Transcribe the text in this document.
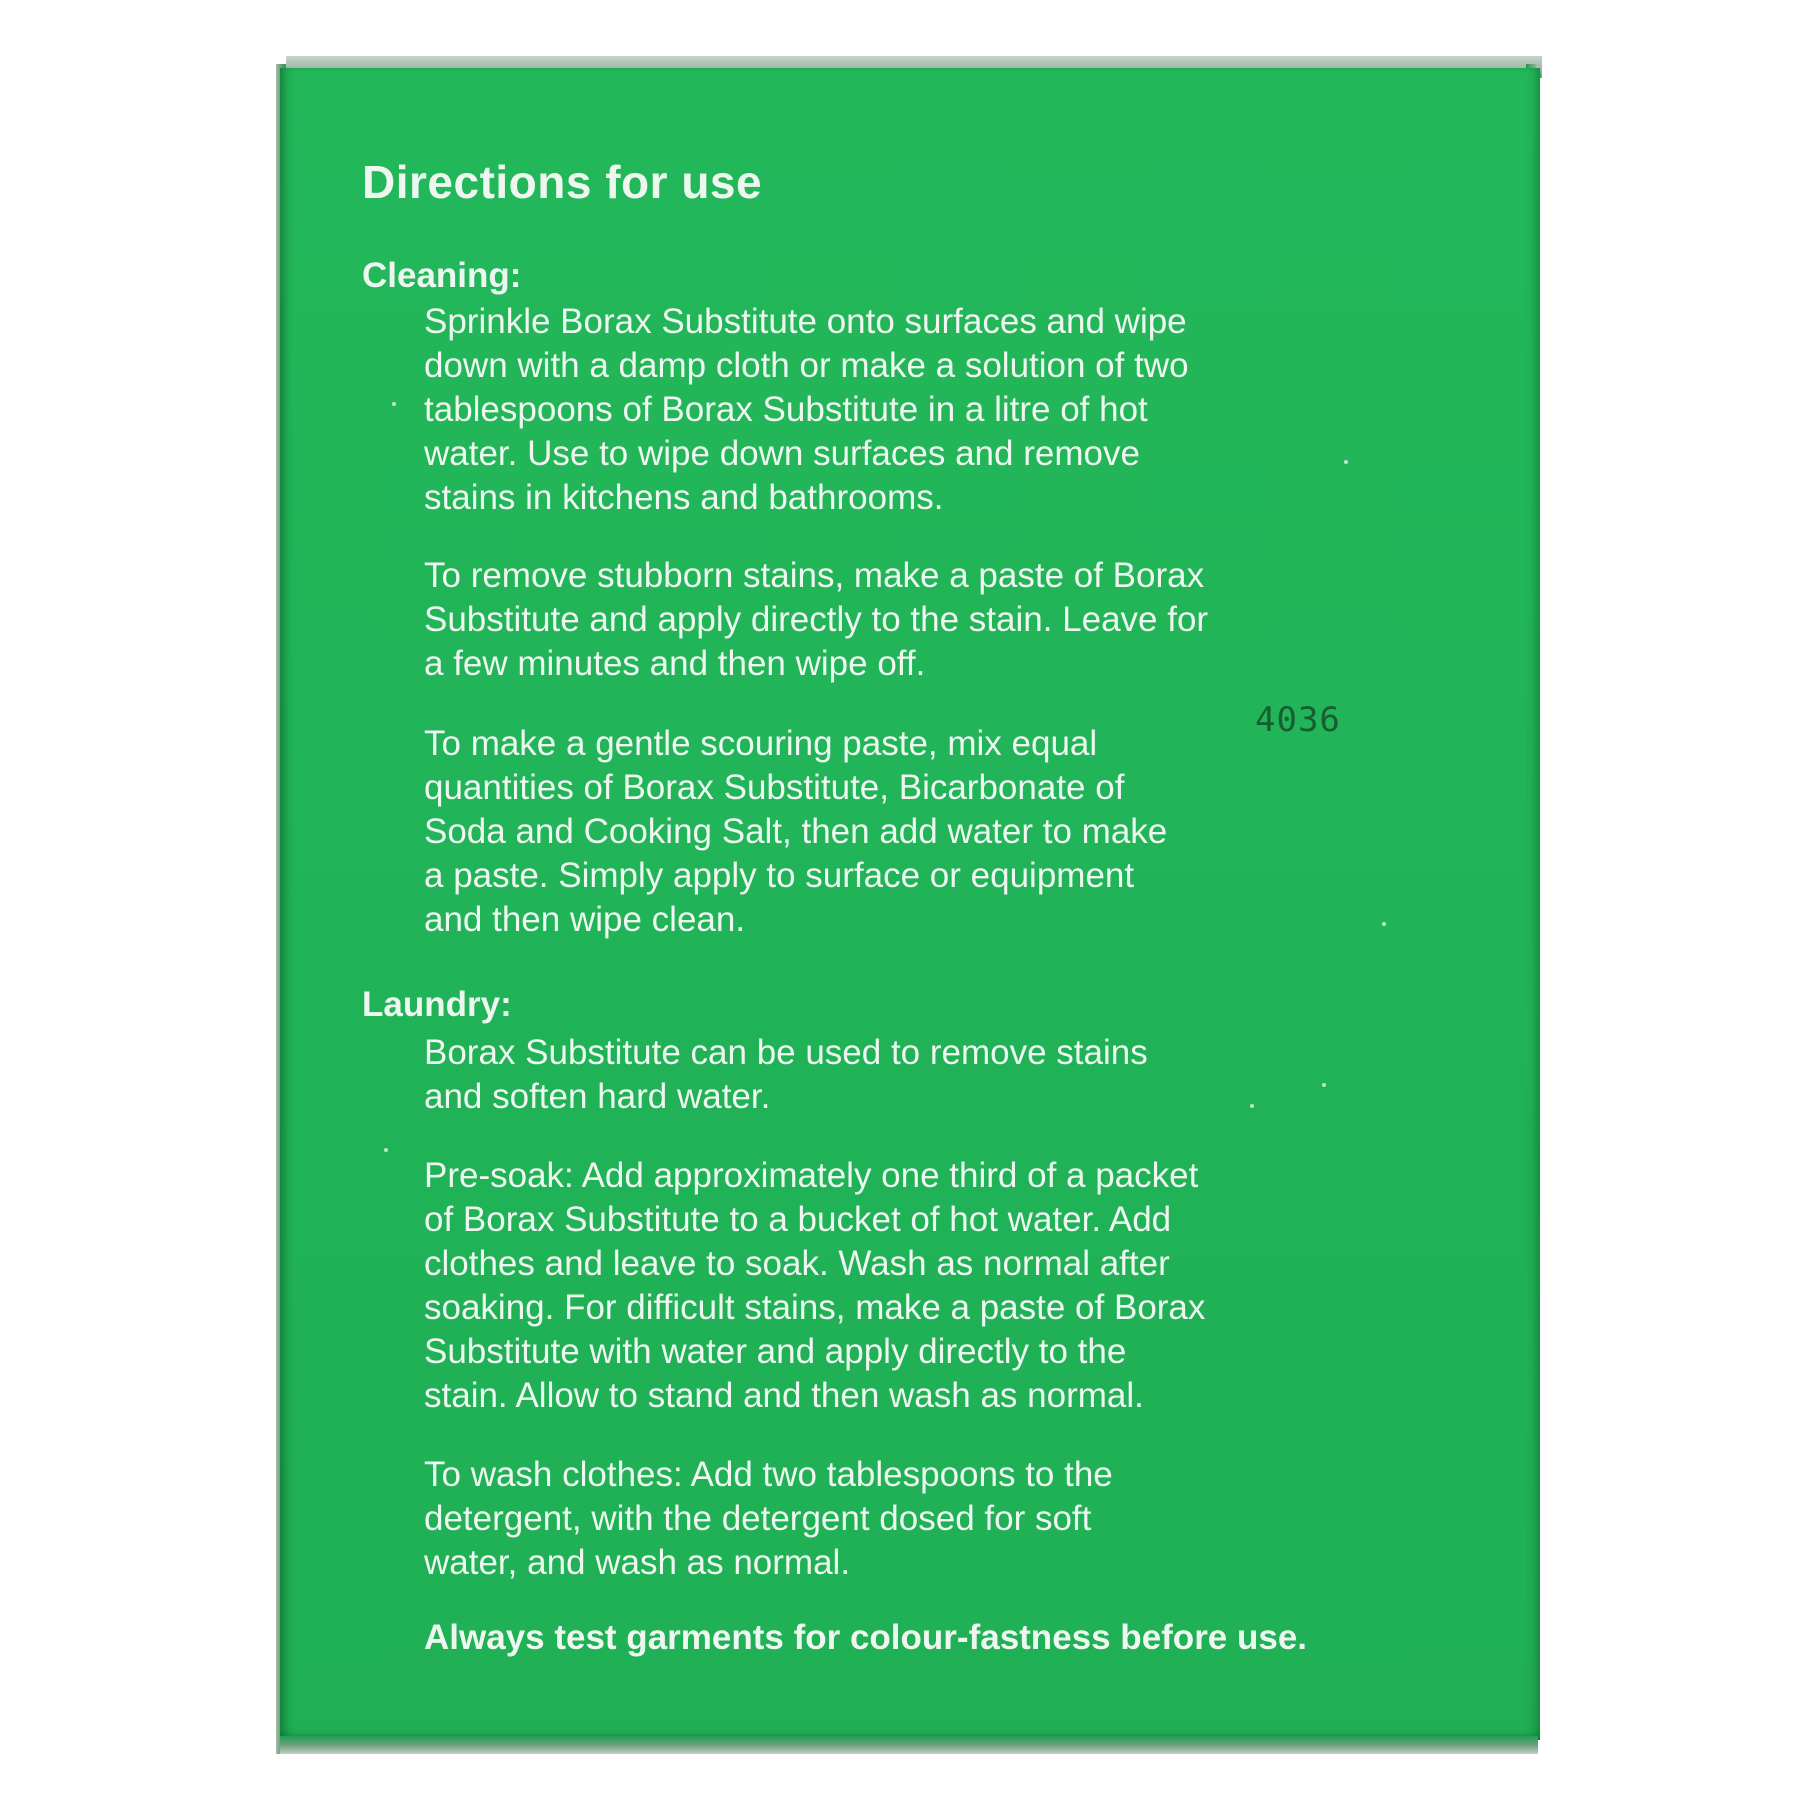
Directions for use
Cleaning:

Sprinkle Borax Substitute onto surfaces and wipe
down with a damp cloth or make a solution of two
tablespoons of Borax Substitute in a litre of hot
water. Use to wipe down surfaces and remove
stains in kitchens and bathrooms.

To remove stubborn stains, make a paste of Borax
Substitute and apply directly to the stain. Leave for
a few minutes and then wipe off.

To make a gentle scouring paste, mix equal
quantities of Borax Substitute, Bicarbonate of
Soda and Cooking Salt, then add water to make
a paste. Simply apply to surface or equipment
and then wipe clean.

4036
Laundry:

Borax Substitute can be used to remove stains
and soften hard water.

Pre-soak: Add approximately one third of a packet
of Borax Substitute to a bucket of hot water. Add
clothes and leave to soak. Wash as normal after
soaking. For difficult stains, make a paste of Borax
Substitute with water and apply directly to the
stain. Allow to stand and then wash as normal.

To wash clothes: Add two tablespoons to the
detergent, with the detergent dosed for soft
water, and wash as normal.

Always test garments for colour-fastness before use.
